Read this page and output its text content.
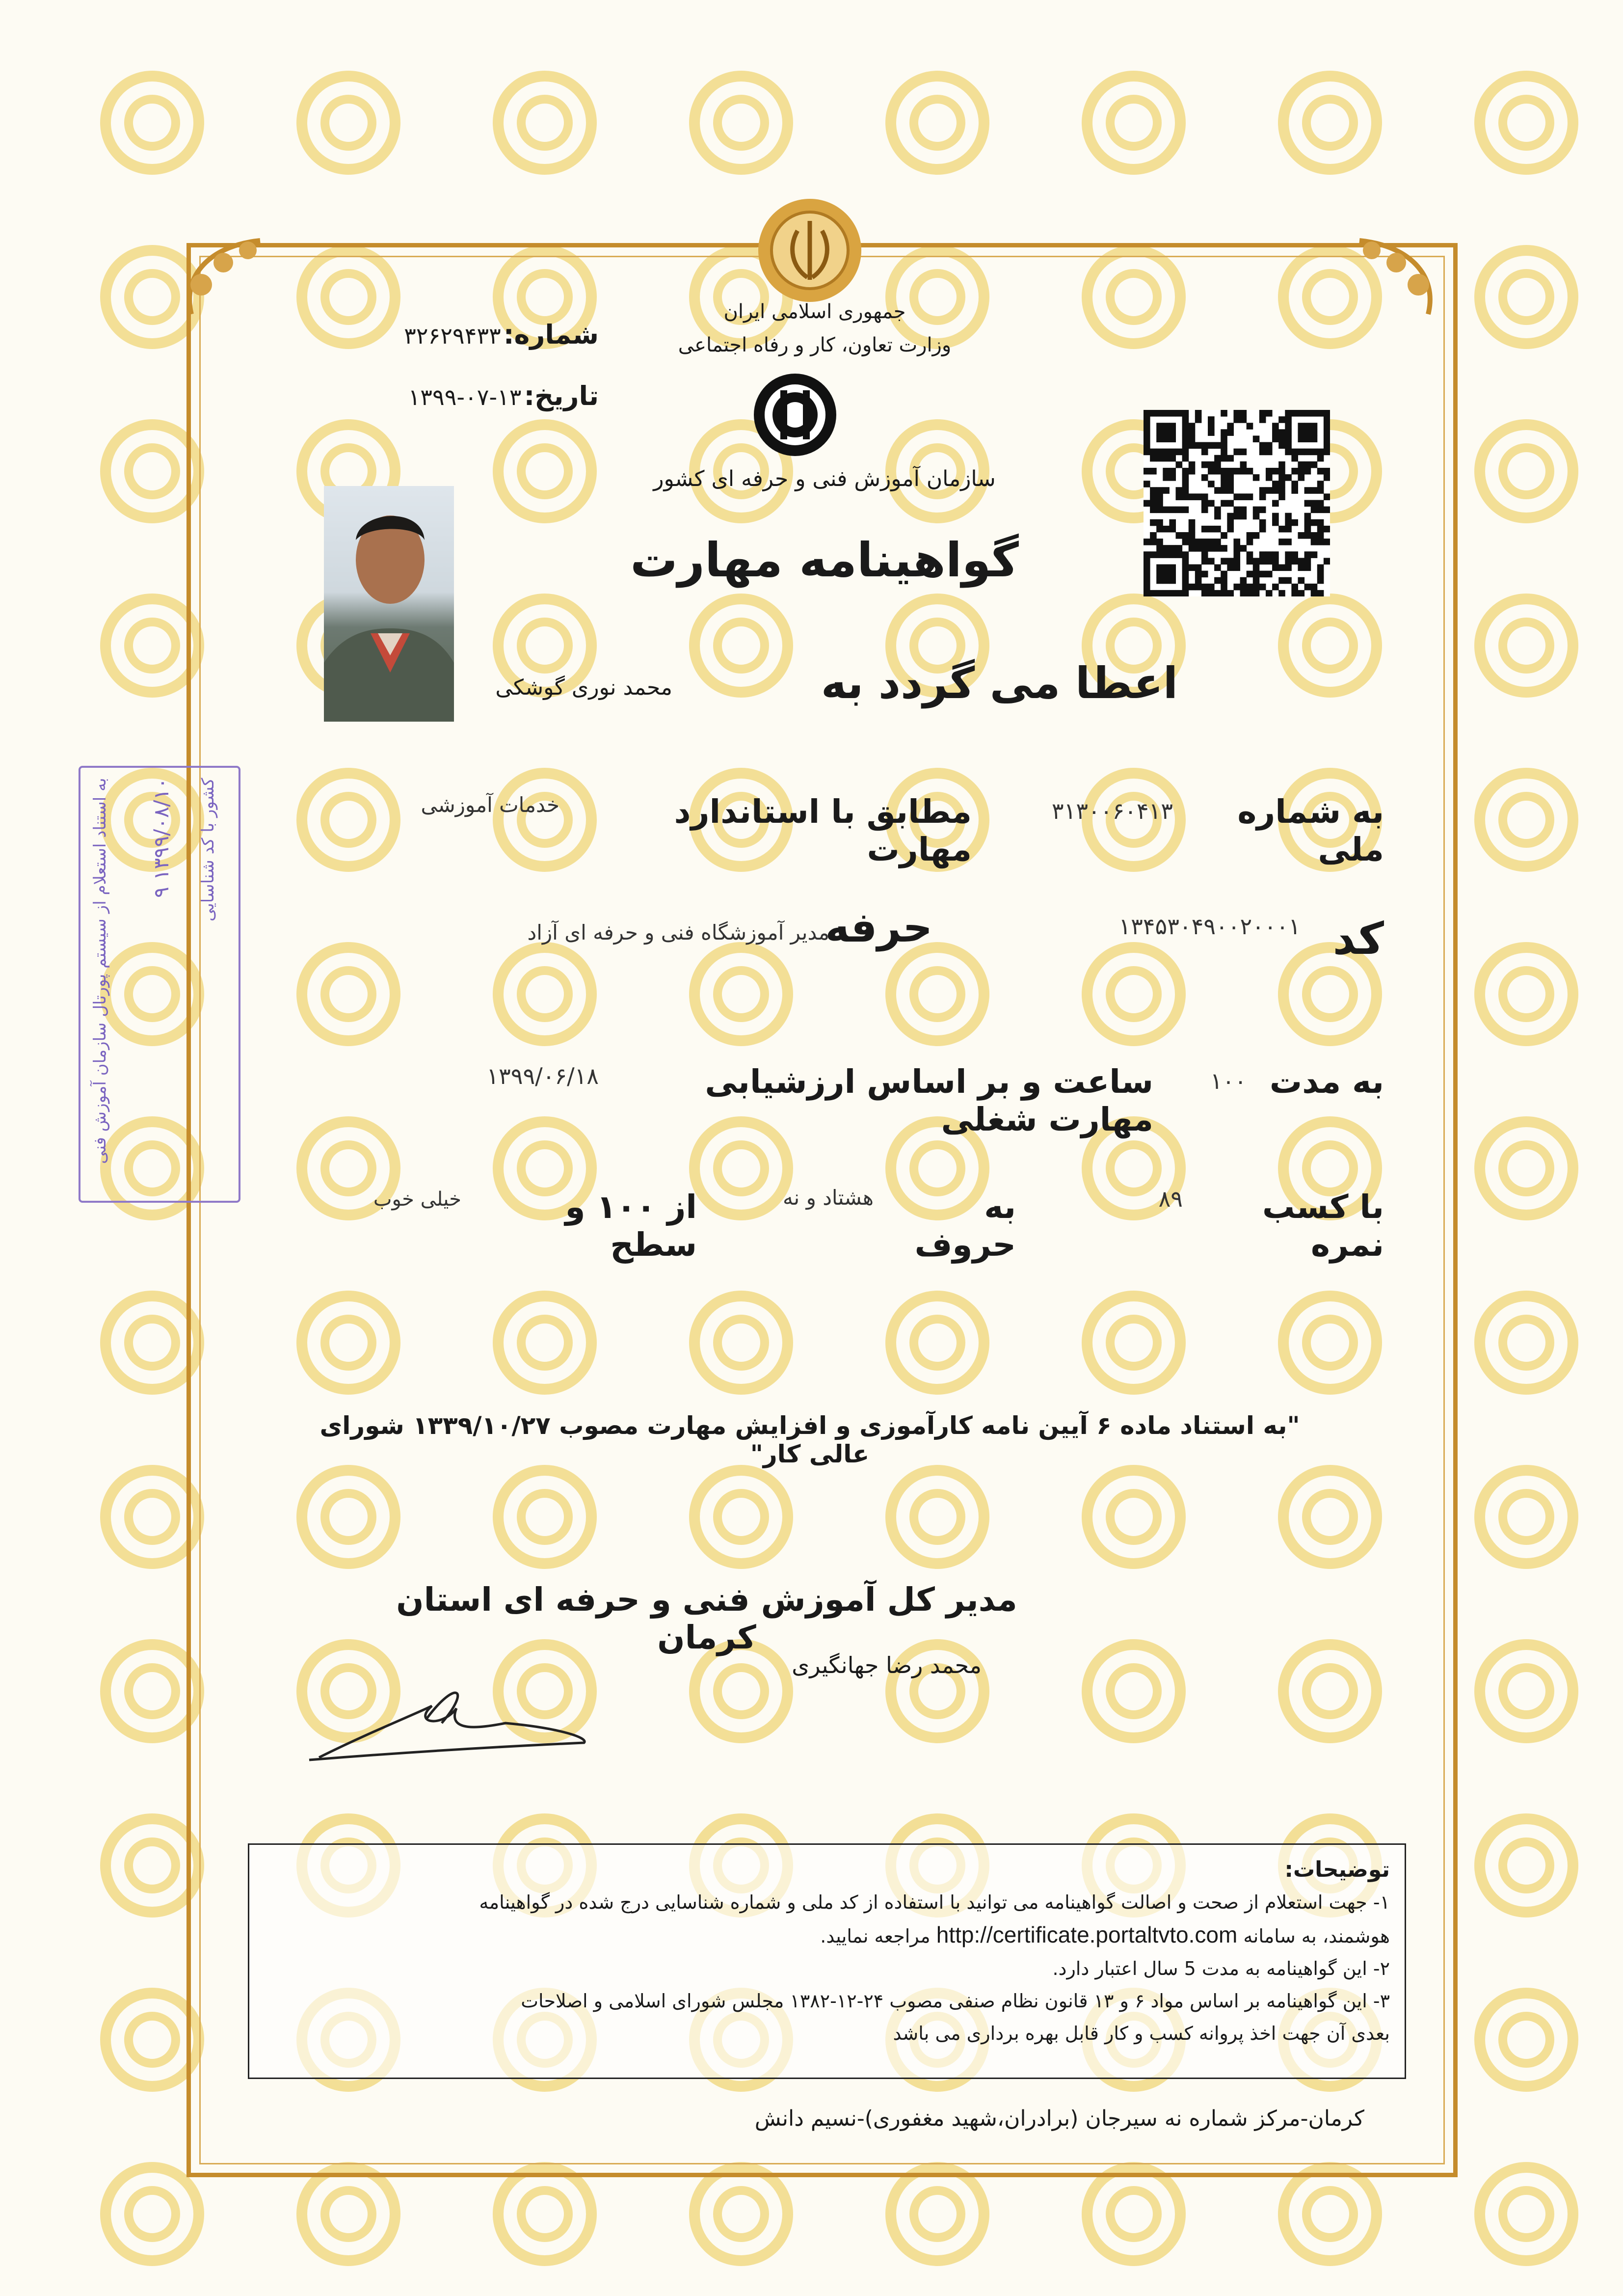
جمهوری اسلامی ایران
وزارت تعاون، کار و رفاه اجتماعی
سازمان آموزش فنی و حرفه ای کشور
گواهینامه مهارت
شماره: ۳۲۶۲۹۴۳۳
تاریخ: ۱۳-۰۷-۱۳۹۹
اعطا می گردد به
محمد نوری گوشکی
به شماره ملی
۳۱۳۰۰۶۰۴۱۳
مطابق با استاندارد مهارت
خدمات آموزشی
کد
۱۳۴۵۳۰۴۹۰۰۲۰۰۰۱
حرفه
مدیر آموزشگاه فنی و حرفه ای آزاد
به مدت
۱۰۰
ساعت و بر اساس ارزشیابی مهارت شغلی
۱۳۹۹/۰۶/۱۸
با کسب نمره
۸۹
به حروف
هشتاد و نه
از ۱۰۰ و سطح
خیلی خوب
"به استناد ماده ۶ آیین نامه کارآموزی و افزایش مهارت مصوب ۱۳۳۹/۱۰/۲۷ شورای عالی کار"
مدیر کل آموزش فنی و حرفه ای استان کرمان
محمد رضا جهانگیری
توضیحات:
۱- جهت استعلام از صحت و اصالت گواهینامه می توانید با استفاده از کد ملی و شماره شناسایی درج شده در گواهینامه
هوشمند، به سامانه http://certificate.portaltvto.com مراجعه نمایید.
۲- این گواهینامه به مدت 5 سال اعتبار دارد.
۳- این گواهینامه بر اساس مواد ۶ و ۱۳ قانون نظام صنفی مصوب ۲۴-۱۲-۱۳۸۲ مجلس شورای اسلامی و اصلاحات
بعدی آن جهت اخذ پروانه کسب و کار قابل بهره برداری می باشد
کرمان-مرکز شماره نه سیرجان (برادران،شهید مغفوری)-نسیم دانش
به استناد استعلام از سیستم پورتال سازمان آموزش فنی ۱۳۹۹/۰۸/۱۰ ۹ کشور با کد شناسایی
